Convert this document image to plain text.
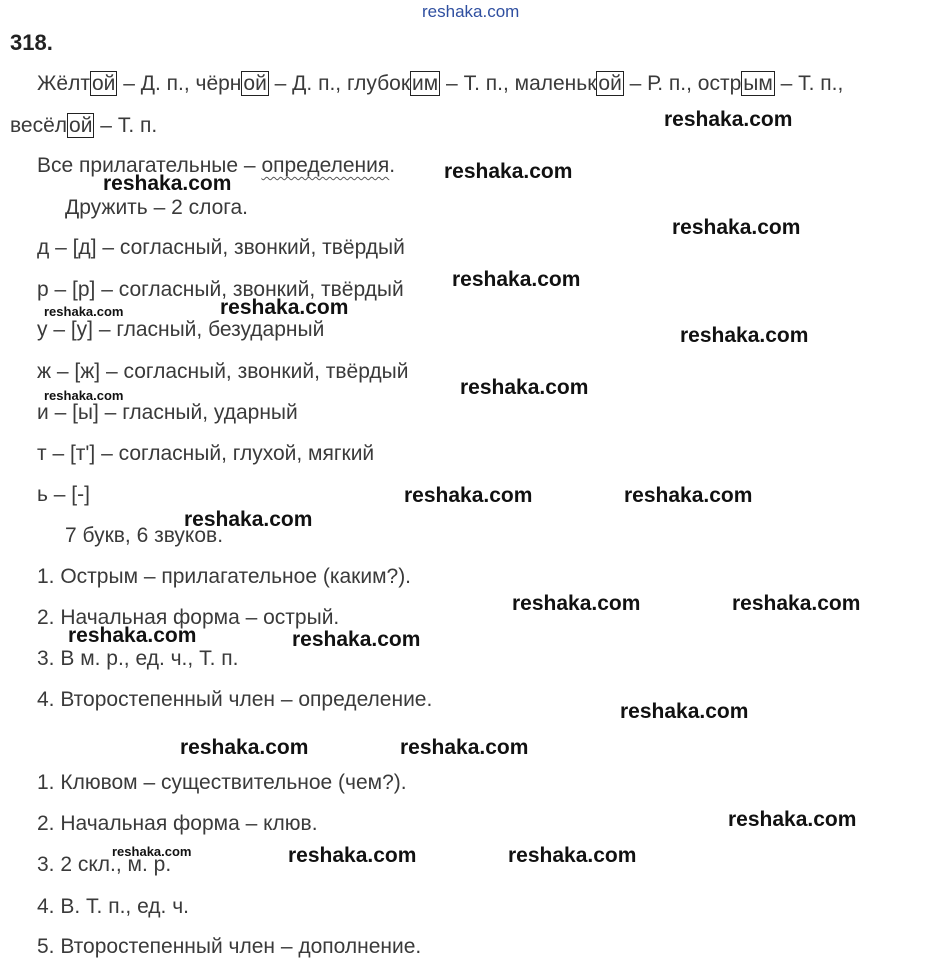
reshaka.com
318.
Жёлтой – Д. п., чёрной – Д. п., глубоким – Т. п., маленькой – Р. п., острым – Т. п.,
весёлой – Т. п.
Все прилагательные – определения.
Дружить – 2 слога.
д – [д] – согласный, звонкий, твёрдый
р – [р] – согласный, звонкий, твёрдый
у – [у] – гласный, безударный
ж – [ж] – согласный, звонкий, твёрдый
и – [ы] – гласный, ударный
т – [т'] – согласный, глухой, мягкий
ь – [-]
7 букв, 6 звуков.
1. Острым – прилагательное (каким?).
2. Начальная форма – острый.
3. В м. р., ед. ч., Т. п.
4. Второстепенный член – определение.
1. Клювом – существительное (чем?).
2. Начальная форма – клюв.
3. 2 скл., м. р.
4. В. Т. п., ед. ч.
5. Второстепенный член – дополнение.
reshaka.com
reshaka.com
reshaka.com
reshaka.com
reshaka.com
reshaka.com
reshaka.com
reshaka.com
reshaka.com
reshaka.com
reshaka.com	reshaka.com
reshaka.com
reshaka.com	reshaka.com
reshaka.com	reshaka.com
reshaka.com
reshaka.com	reshaka.com
reshaka.com
reshaka.com	reshaka.com	reshaka.com
